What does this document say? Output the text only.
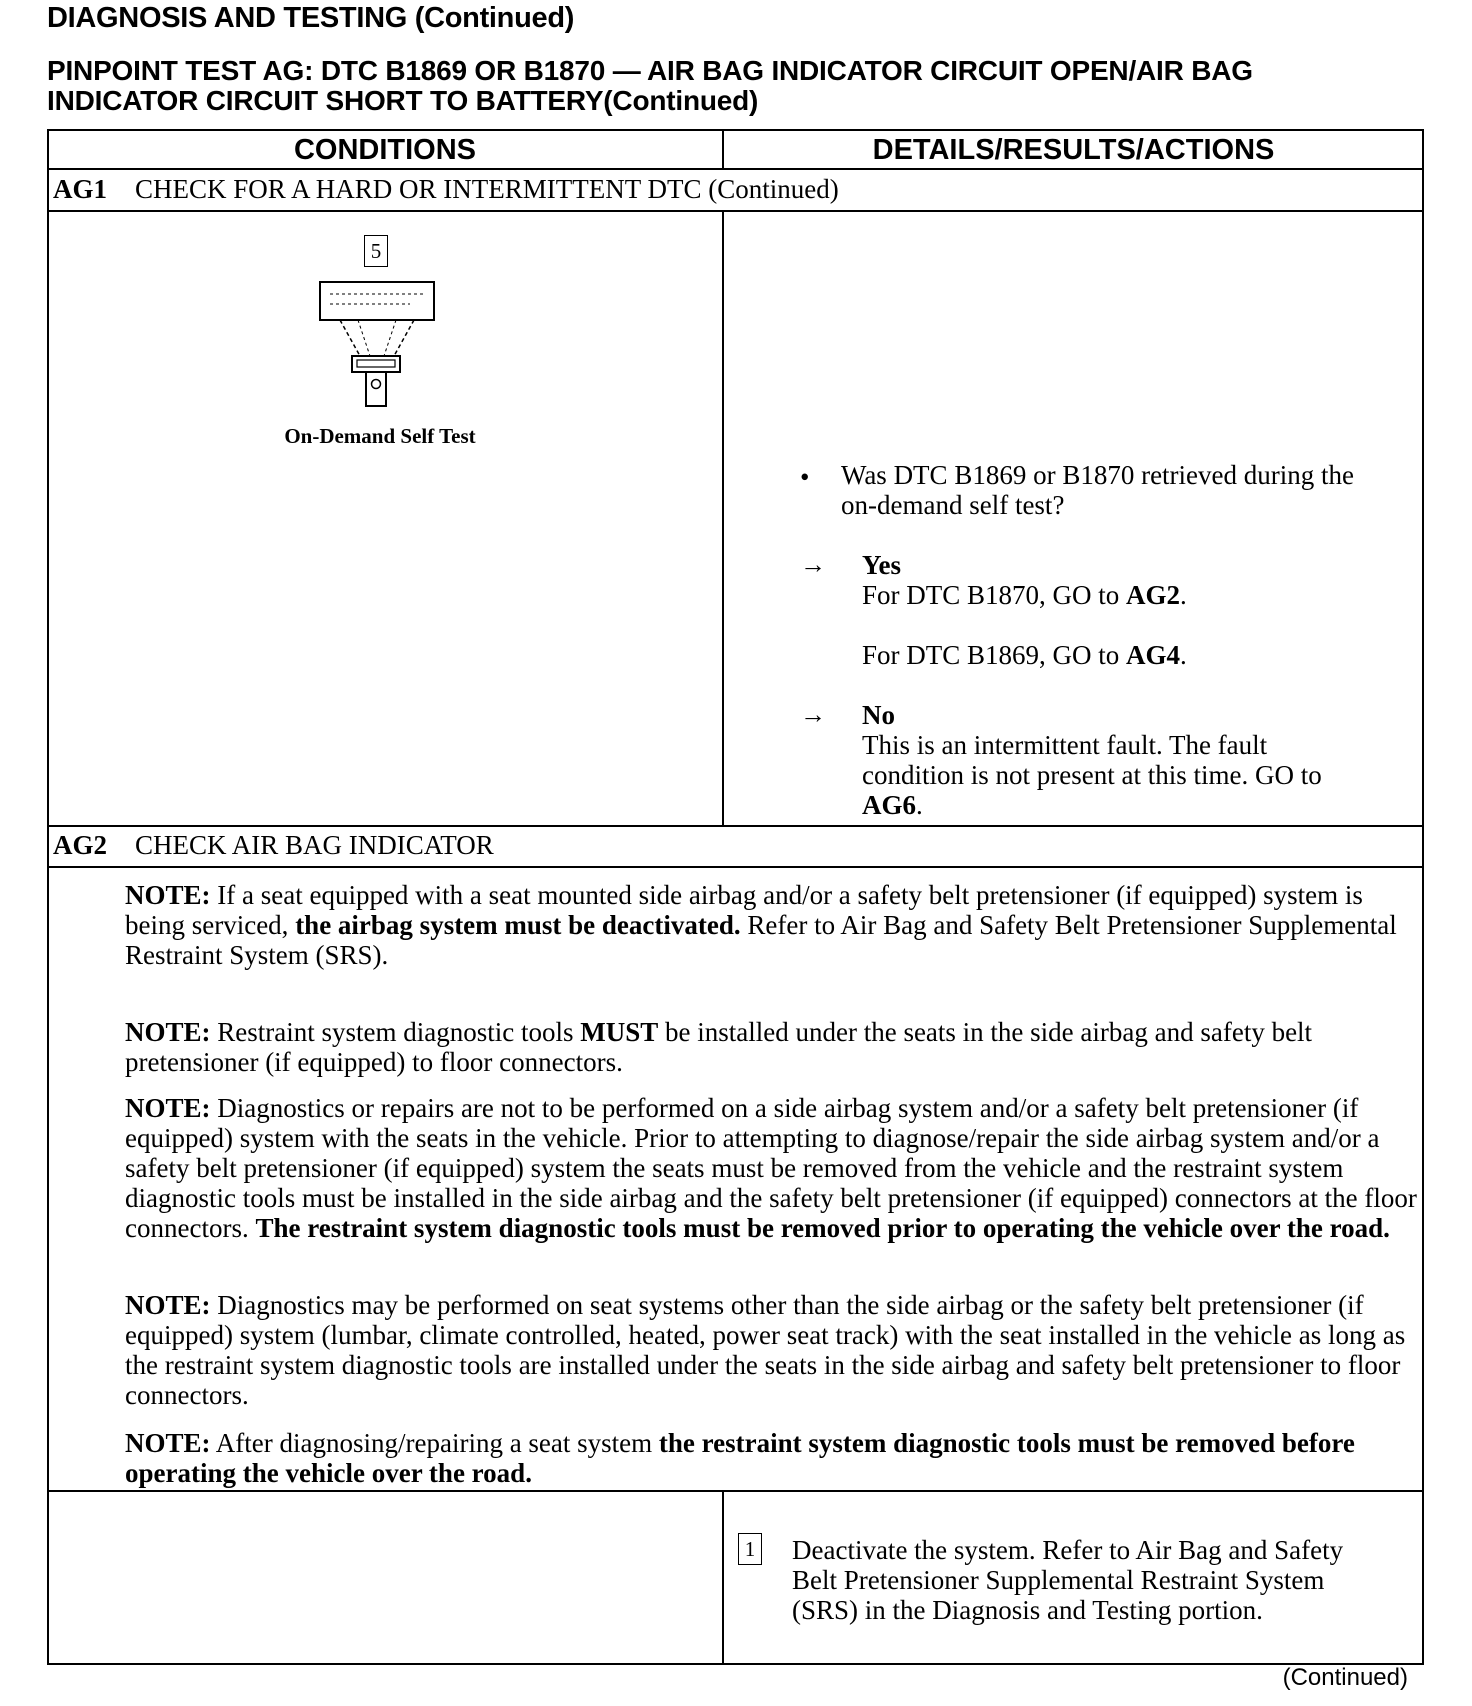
DIAGNOSIS AND TESTING (Continued)
PINPOINT TEST AG: DTC B1869 OR B1870 — AIR BAG INDICATOR CIRCUIT OPEN/AIR BAG
INDICATOR CIRCUIT SHORT TO BATTERY(Continued)
CONDITIONS	DETAILS/RESULTS/ACTIONS
AG1 CHECK FOR A HARD OR INTERMITTENT DTC (Continued)
5
On-Demand Self Test
• Was DTC B1869 or B1870 retrieved during the
on-demand self test?
→ Yes
For DTC B1870, GO to AG2.
For DTC B1869, GO to AG4.
→ No
This is an intermittent fault. The fault
condition is not present at this time. GO to
AG6.
AG2 CHECK AIR BAG INDICATOR
NOTE: If a seat equipped with a seat mounted side airbag and/or a safety belt pretensioner (if equipped) system is being serviced, the airbag system must be deactivated. Refer to Air Bag and Safety Belt Pretensioner Supplemental Restraint System (SRS).
NOTE: Restraint system diagnostic tools MUST be installed under the seats in the side airbag and safety belt pretensioner (if equipped) to floor connectors.
NOTE: Diagnostics or repairs are not to be performed on a side airbag system and/or a safety belt pretensioner (if equipped) system with the seats in the vehicle. Prior to attempting to diagnose/repair the side airbag system and/or a safety belt pretensioner (if equipped) system the seats must be removed from the vehicle and the restraint system diagnostic tools must be installed in the side airbag and the safety belt pretensioner (if equipped) connectors at the floor connectors. The restraint system diagnostic tools must be removed prior to operating the vehicle over the road.
NOTE: Diagnostics may be performed on seat systems other than the side airbag or the safety belt pretensioner (if equipped) system (lumbar, climate controlled, heated, power seat track) with the seat installed in the vehicle as long as the restraint system diagnostic tools are installed under the seats in the side airbag and safety belt pretensioner to floor connectors.
NOTE: After diagnosing/repairing a seat system the restraint system diagnostic tools must be removed before operating the vehicle over the road.
1 Deactivate the system. Refer to Air Bag and Safety
Belt Pretensioner Supplemental Restraint System
(SRS) in the Diagnosis and Testing portion.
(Continued)
